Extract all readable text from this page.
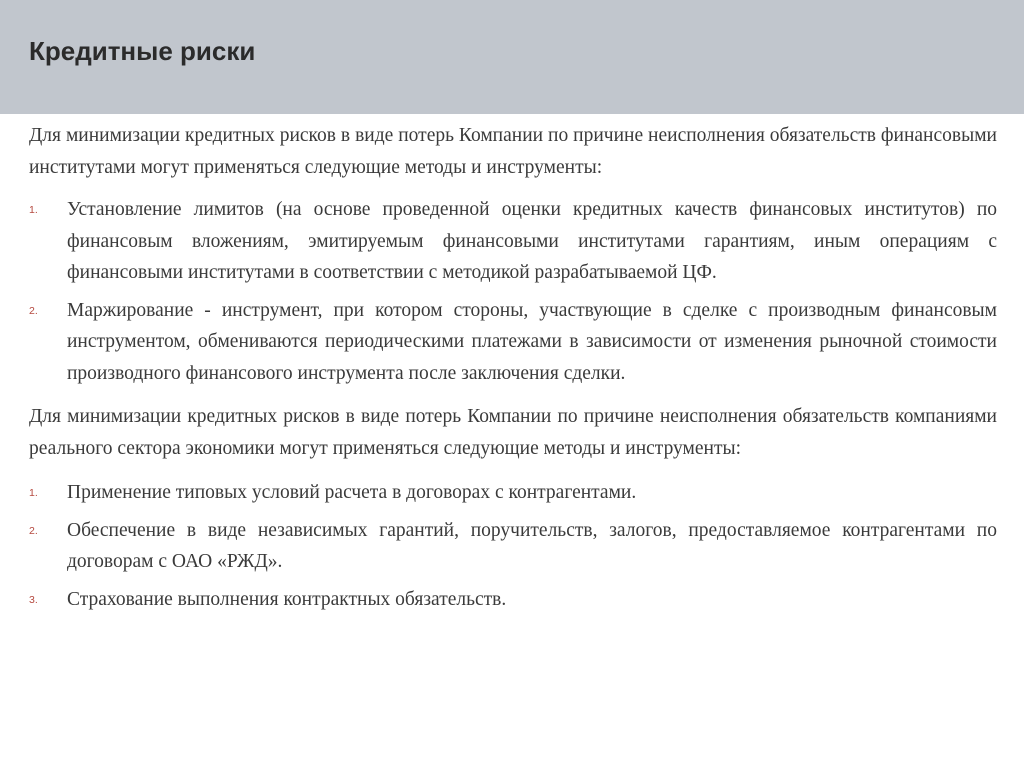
Кредитные риски

Для минимизации кредитных рисков в виде потерь Компании по причине неисполнения обязательств финансовыми институтами могут применяться следующие методы и инструменты:

1. Установление лимитов (на основе проведенной оценки кредитных качеств финансовых институтов) по финансовым вложениям, эмитируемым финансовыми институтами гарантиям, иным операциям с финансовыми институтами в соответствии с методикой разрабатываемой ЦФ.
2. Маржирование - инструмент, при котором стороны, участвующие в сделке с производным финансовым инструментом, обмениваются периодическими платежами в зависимости от изменения рыночной стоимости производного финансового инструмента после заключения сделки.

Для минимизации кредитных рисков в виде потерь Компании по причине неисполнения обязательств компаниями реального сектора экономики могут применяться следующие методы и инструменты:

1. Применение типовых условий расчета в договорах с контрагентами.
2. Обеспечение в виде независимых гарантий, поручительств, залогов, предоставляемое контрагентами по договорам с ОАО «РЖД».
3. Страхование выполнения контрактных обязательств.
